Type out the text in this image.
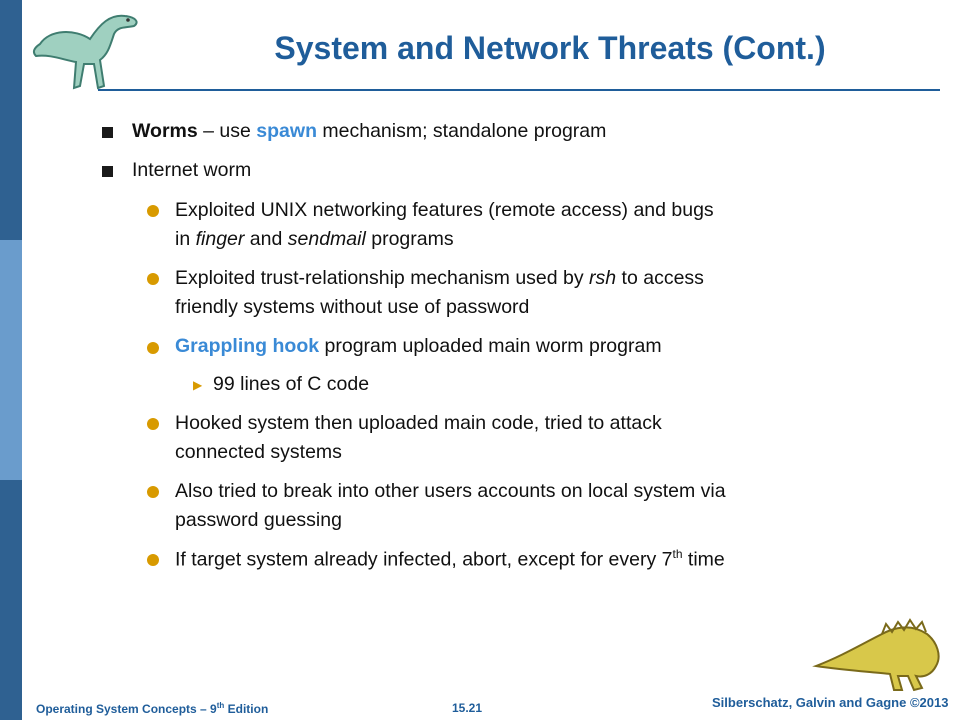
System and Network Threats (Cont.)
Worms – use spawn mechanism; standalone program
Internet worm
Exploited UNIX networking features (remote access) and bugs
in finger and sendmail programs
Exploited trust-relationship mechanism used by rsh to access
friendly systems without use of password
Grappling hook program uploaded main worm program
▶ 99 lines of C code
Hooked system then uploaded main code, tried to attack
connected systems
Also tried to break into other users accounts on local system via
password guessing
If target system already infected, abort, except for every 7th time
Operating System Concepts – 9th Edition	15.21	Silberschatz, Galvin and Gagne ©2013
